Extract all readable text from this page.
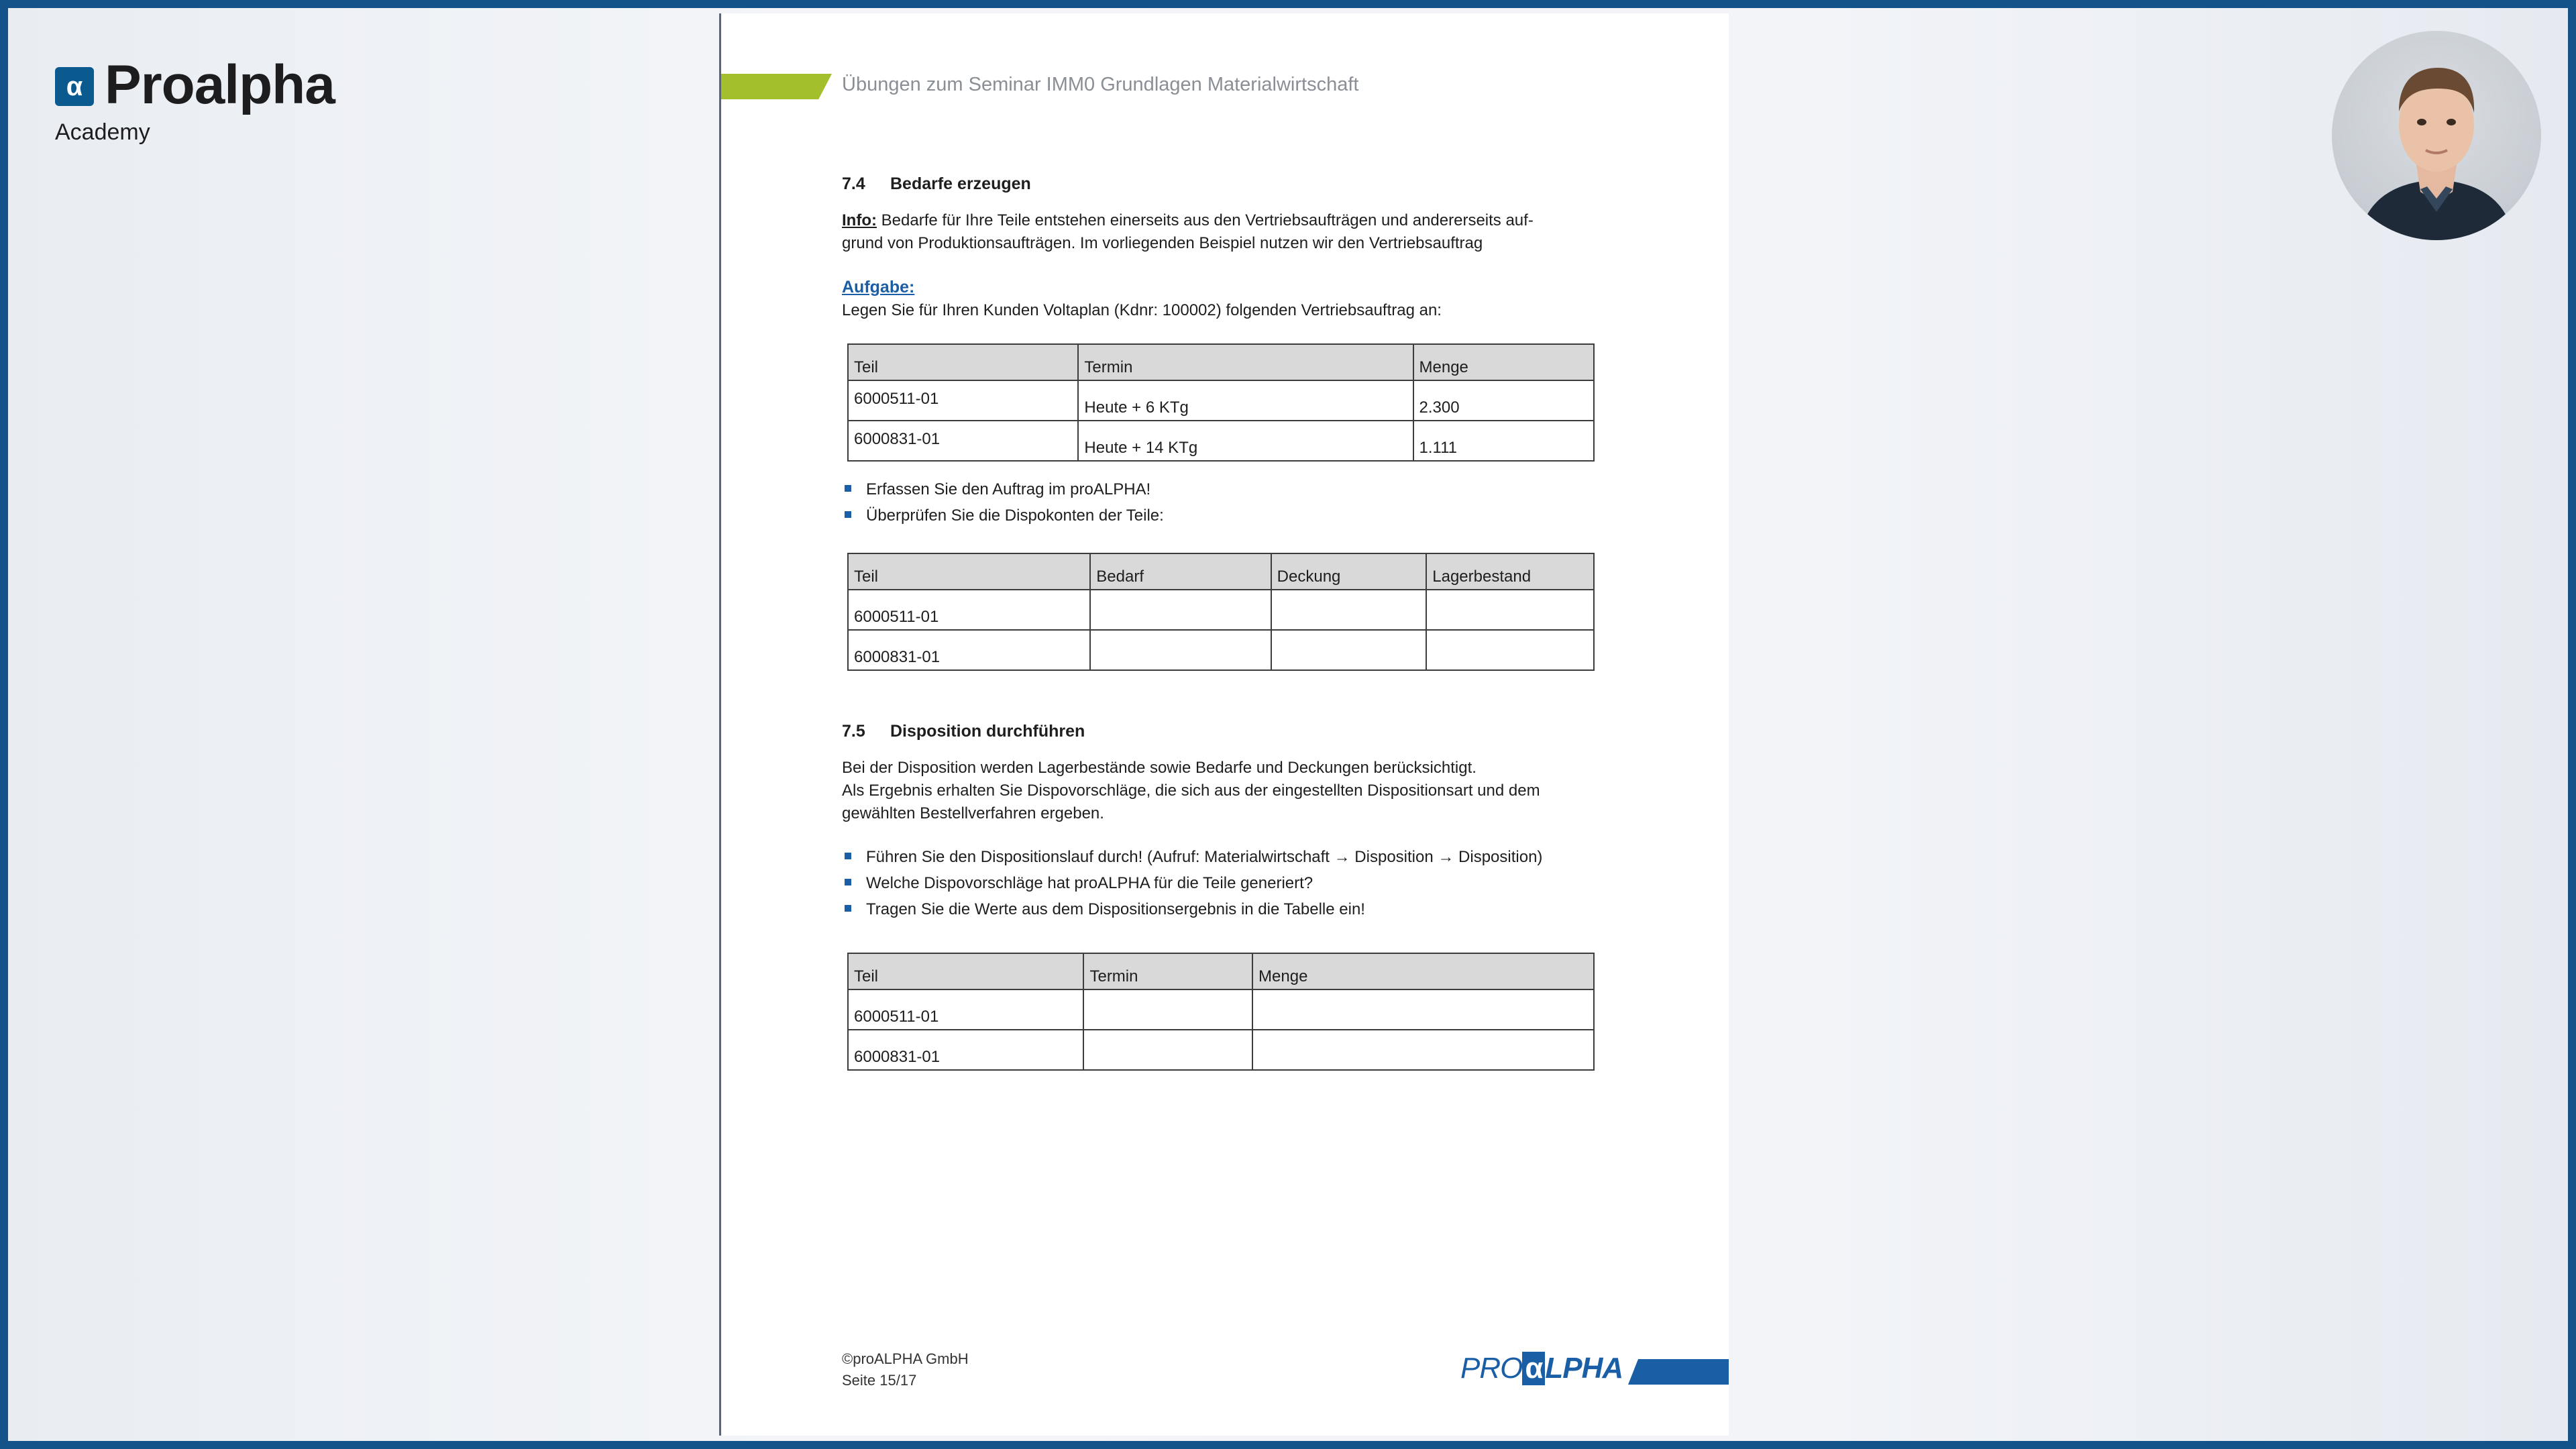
α Proalpha
Academy
Übungen zum Seminar IMM0 Grundlagen Materialwirtschaft
7.4 Bedarfe erzeugen

Info: Bedarfe für Ihre Teile entstehen einerseits aus den Vertriebsaufträgen und andererseits auf-

grund von Produktionsaufträgen. Im vorliegenden Beispiel nutzen wir den Vertriebsauftrag

Aufgabe:

Legen Sie für Ihren Kunden Voltaplan (Kdnr: 100002) folgenden Vertriebsauftrag an:

Teil	Termin	Menge
6000511-01	Heute + 6 KTg	2.300
6000831-01	Heute + 14 KTg	1.111
Erfassen Sie den Auftrag im proALPHA!
Überprüfen Sie die Dispokonten der Teile:
Teil	Bedarf	Deckung	Lagerbestand
6000511-01			
6000831-01			
7.5 Disposition durchführen

Bei der Disposition werden Lagerbestände sowie Bedarfe und Deckungen berücksichtigt.

Als Ergebnis erhalten Sie Dispovorschläge, die sich aus der eingestellten Dispositionsart und dem

gewählten Bestellverfahren ergeben.

Führen Sie den Dispositionslauf durch! (Aufruf: Materialwirtschaft → Disposition → Disposition)
Welche Dispovorschläge hat proALPHA für die Teile generiert?
Tragen Sie die Werte aus dem Dispositionsergebnis in die Tabelle ein!
Teil	Termin	Menge
6000511-01		
6000831-01		

©proALPHA GmbH

Seite 15/17	PROαLPHA
